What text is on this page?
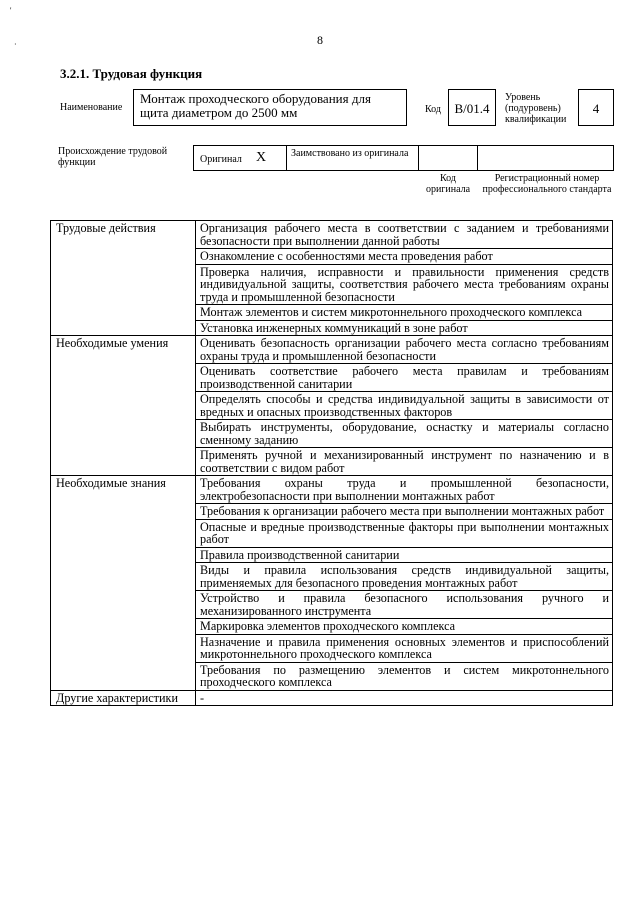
'
·	8
3.2.1. Трудовая функция
Наименование
Монтаж проходческого оборудования для щита диаметром до 2500 мм	Код	B/01.4
Уровень (подуровень) квалификации
4
Происхождение трудовой функции	Оригинал X Заимствовано из оригинала
Код оригинала
Регистрационный номер профессионального стандарта
Трудовые действия	Организация рабочего места в соответствии с заданием и требованиями безопасности при выполнении данной работы
	Ознакомление с особенностями места проведения работ
	Проверка наличия, исправности и правильности применения средств индивидуальной защиты, соответствия рабочего места требованиям охраны труда и промышленной безопасности
	Монтаж элементов и систем микротоннельного проходческого комплекса
	Установка инженерных коммуникаций в зоне работ
Необходимые умения	Оценивать безопасность организации рабочего места согласно требованиям охраны труда и промышленной безопасности
	Оценивать соответствие рабочего места правилам и требованиям производственной санитарии
	Определять способы и средства индивидуальной защиты в зависимости от вредных и опасных производственных факторов
	Выбирать инструменты, оборудование, оснастку и материалы согласно сменному заданию
	Применять ручной и механизированный инструмент по назначению и в соответствии с видом работ
Необходимые знания	Требования охраны труда и промышленной безопасности, электробезопасности при выполнении монтажных работ
	Требования к организации рабочего места при выполнении монтажных работ
	Опасные и вредные производственные факторы при выполнении монтажных работ
	Правила производственной санитарии
	Виды и правила использования средств индивидуальной защиты, применяемых для безопасного проведения монтажных работ
	Устройство и правила безопасного использования ручного и механизированного инструмента
	Маркировка элементов проходческого комплекса
	Назначение и правила применения основных элементов и приспособлений микротоннельного проходческого комплекса
	Требования по размещению элементов и систем микротоннельного проходческого комплекса
Другие характеристики	-
